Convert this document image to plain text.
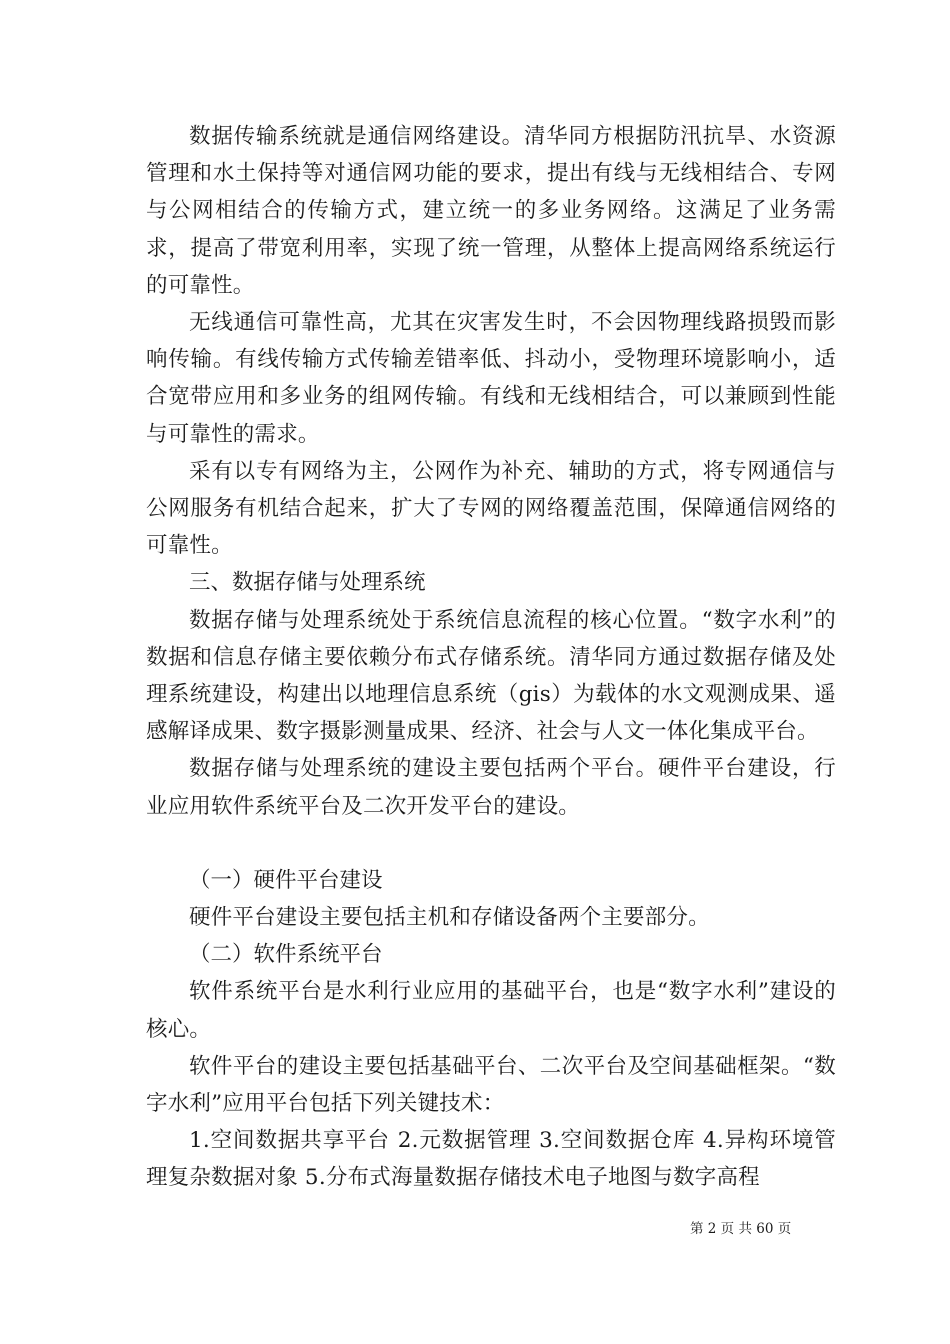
数据传输系统就是通信网络建设。清华同方根据防汛抗旱、水资源管理和水土保持等对通信网功能的要求，提出有线与无线相结合、专网与公网相结合的传输方式，建立统一的多业务网络。这满足了业务需求，提高了带宽利用率，实现了统一管理，从整体上提高网络系统运行的可靠性。

无线通信可靠性高，尤其在灾害发生时，不会因物理线路损毁而影响传输。有线传输方式传输差错率低、抖动小，受物理环境影响小，适合宽带应用和多业务的组网传输。有线和无线相结合，可以兼顾到性能与可靠性的需求。

采有以专有网络为主，公网作为补充、辅助的方式，将专网通信与公网服务有机结合起来，扩大了专网的网络覆盖范围，保障通信网络的可靠性。

三、数据存储与处理系统

数据存储与处理系统处于系统信息流程的核心位置。“数字水利”的数据和信息存储主要依赖分布式存储系统。清华同方通过数据存储及处理系统建设，构建出以地理信息系统（gis）为载体的水文观测成果、遥感解译成果、数字摄影测量成果、经济、社会与人文一体化集成平台。

数据存储与处理系统的建设主要包括两个平台。硬件平台建设，行业应用软件系统平台及二次开发平台的建设。

（一）硬件平台建设

硬件平台建设主要包括主机和存储设备两个主要部分。

（二）软件系统平台

软件系统平台是水利行业应用的基础平台，也是“数字水利”建设的核心。

软件平台的建设主要包括基础平台、二次平台及空间基础框架。“数字水利”应用平台包括下列关键技术：

1.空间数据共享平台 2.元数据管理 3.空间数据仓库 4.异构环境管理复杂数据对象 5.分布式海量数据存储技术电子地图与数字高程

第 2 页 共 60 页
